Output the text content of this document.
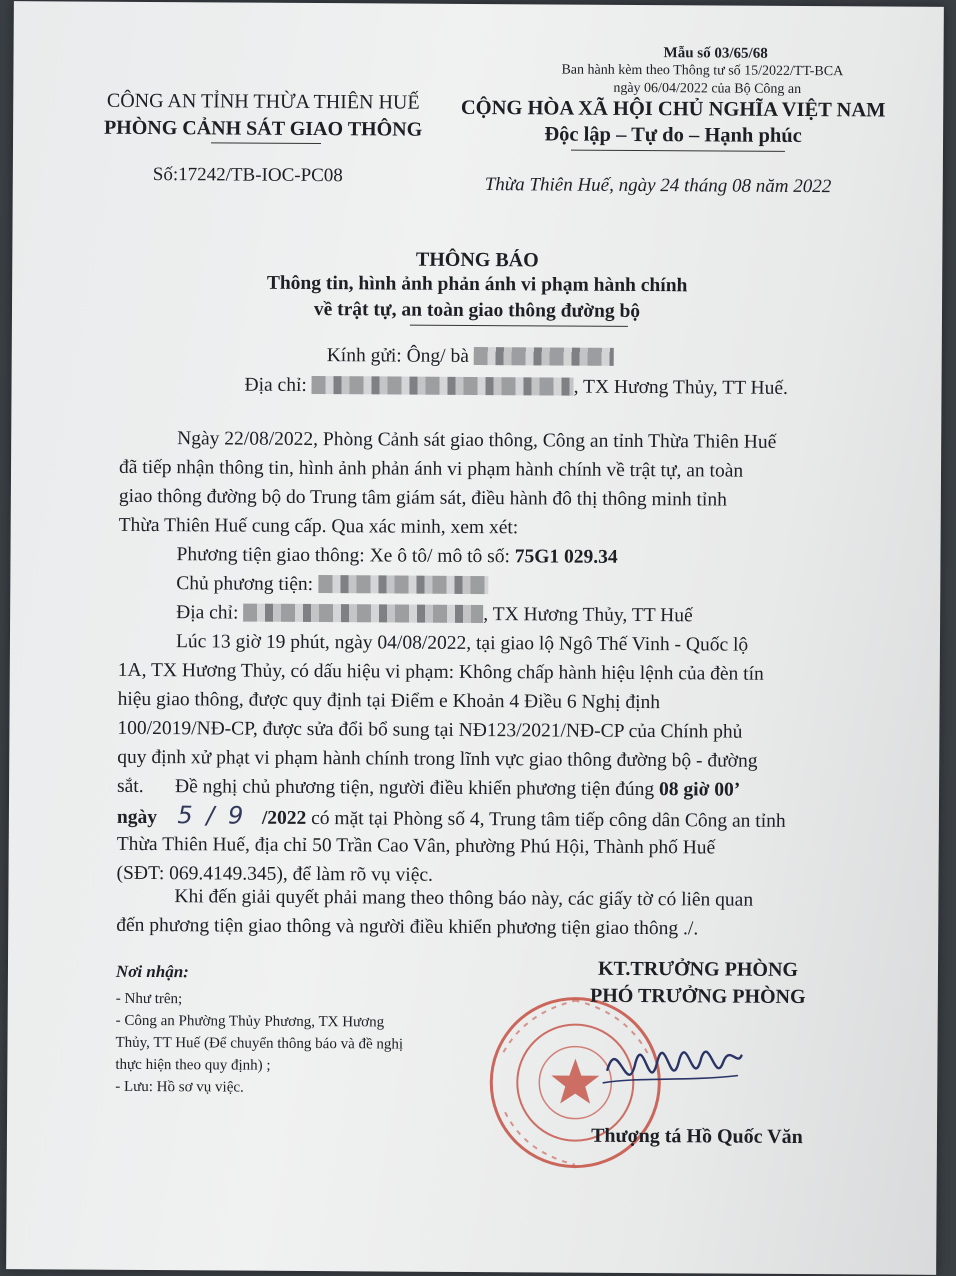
Mẫu số 03/65/68
Ban hành kèm theo Thông tư số 15/2022/TT-BCA
ngày 06/04/2022 của Bộ Công an
CÔNG AN TỈNH THỪA THIÊN HUẾ
PHÒNG CẢNH SÁT GIAO THÔNG
Số:17242/TB-IOC-PC08
CỘNG HÒA XÃ HỘI CHỦ NGHĨA VIỆT NAM
Độc lập – Tự do – Hạnh phúc
Thừa Thiên Huế, ngày 24 tháng 08 năm 2022
THÔNG BÁO
Thông tin, hình ảnh phản ánh vi phạm hành chính
về trật tự, an toàn giao thông đường bộ
Kính gửi: Ông/ bà
Địa chỉ:	, TX Hương Thủy, TT Huế.
Ngày 22/08/2022, Phòng Cảnh sát giao thông, Công an tỉnh Thừa Thiên Huế
đã tiếp nhận thông tin, hình ảnh phản ánh vi phạm hành chính về trật tự, an toàn
giao thông đường bộ do Trung tâm giám sát, điều hành đô thị thông minh tỉnh
Thừa Thiên Huế cung cấp. Qua xác minh, xem xét:
Phương tiện giao thông: Xe ô tô/ mô tô số: 75G1 029.34
Chủ phương tiện:
Địa chỉ:	, TX Hương Thủy, TT Huế
Lúc 13 giờ 19 phút, ngày 04/08/2022, tại giao lộ Ngô Thế Vinh - Quốc lộ
1A, TX Hương Thủy, có dấu hiệu vi phạm: Không chấp hành hiệu lệnh của đèn tín
hiệu giao thông, được quy định tại Điểm e Khoản 4 Điều 6 Nghị định
100/2019/NĐ-CP, được sửa đổi bổ sung tại NĐ123/2021/NĐ-CP của Chính phủ
quy định xử phạt vi phạm hành chính trong lĩnh vực giao thông đường bộ - đường
sắt.	Đề nghị chủ phương tiện, người điều khiển phương tiện đúng 08 giờ 00’
ngày 5 / 9 /2022 có mặt tại Phòng số 4, Trung tâm tiếp công dân Công an tỉnh
Thừa Thiên Huế, địa chỉ 50 Trần Cao Vân, phường Phú Hội, Thành phố Huế
(SĐT: 069.4149.345), để làm rõ vụ việc.
Khi đến giải quyết phải mang theo thông báo này, các giấy tờ có liên quan
đến phương tiện giao thông và người điều khiển phương tiện giao thông ./.
Nơi nhận:
- Như trên;
- Công an Phường Thủy Phương, TX Hương
Thủy, TT Huế (Để chuyển thông báo và đề nghị
thực hiện theo quy định) ;
- Lưu: Hồ sơ vụ việc.
KT.TRƯỞNG PHÒNG
PHÓ TRƯỞNG PHÒNG
Thượng tá Hồ Quốc Văn
